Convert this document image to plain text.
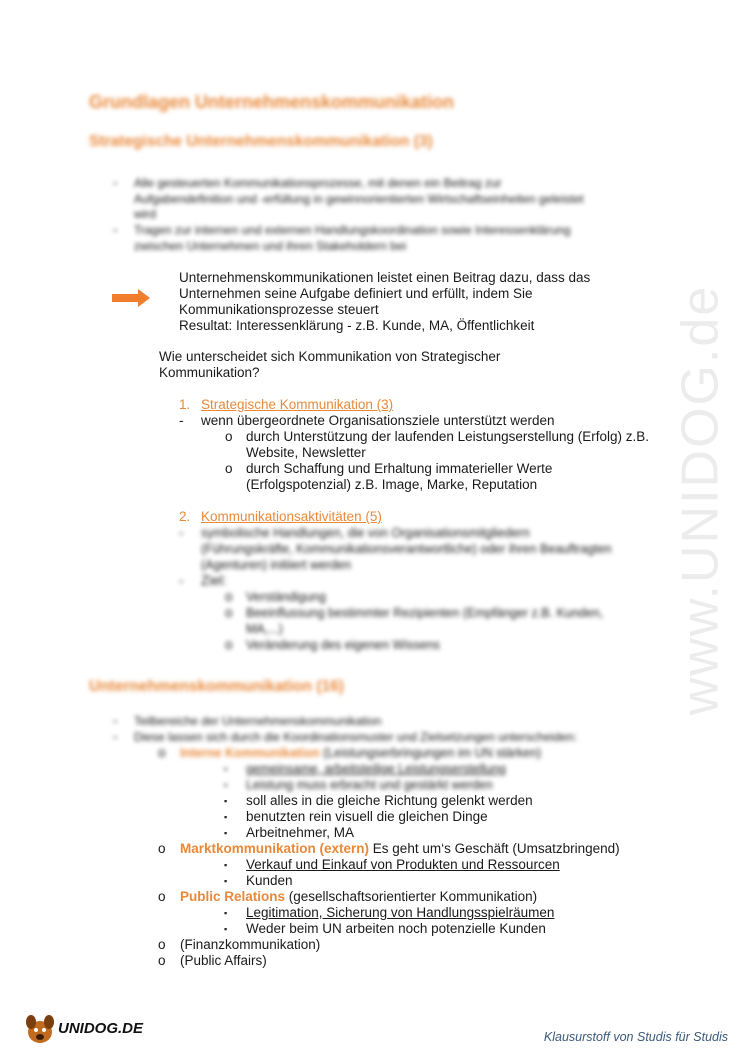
www.UNIDOG.de
Grundlagen Unternehmenskommunikation
Strategische Unternehmenskommunikation (3)
- Alle gesteuerten Kommunikationsprozesse, mit denen ein Beitrag zur
Aufgabendefinition und -erfüllung in gewinnorientierten Wirtschaftseinheiten geleistet
wird
- Tragen zur internen und externen Handlungskoordination sowie Interessenklärung
zwischen Unternehmen und ihren Stakeholdern bei
Unternehmenskommunikationen leistet einen Beitrag dazu, dass das
Unternehmen seine Aufgabe definiert und erfüllt, indem Sie
Kommunikationsprozesse steuert
Resultat: Interessenklärung - z.B. Kunde, MA, Öffentlichkeit
Wie unterscheidet sich Kommunikation von Strategischer
Kommunikation?
1. Strategische Kommunikation (3)
- wenn übergeordnete Organisationsziele unterstützt werden
o durch Unterstützung der laufenden Leistungserstellung (Erfolg) z.B.
Website, Newsletter
o durch Schaffung und Erhaltung immaterieller Werte
(Erfolgspotenzial) z.B. Image, Marke, Reputation
2. Kommunikationsaktivitäten (5)
- symbolische Handlungen, die von Organisationsmitgliedern
(Führungskräfte, Kommunikationsverantwortliche) oder ihren Beauftragten
(Agenturen) initiiert werden
- Ziel:
o Verständigung
o Beeinflussung bestimmter Rezipienten (Empfänger z.B. Kunden,
MA,...)
o Veränderung des eigenen Wissens
Unternehmenskommunikation (16)
- Teilbereiche der Unternehmenskommunikation
- Diese lassen sich durch die Koordinationsmuster und Zielsetzungen unterscheiden:
o Interne Kommunikation (Leistungserbringungen im UN stärken)
▪ gemeinsame, arbeitsteilige Leistungserstellung
▪ Leistung muss erbracht und gestärkt werden
▪ soll alles in die gleiche Richtung gelenkt werden
▪ benutzten rein visuell die gleichen Dinge
▪ Arbeitnehmer, MA
o Marktkommunikation (extern) Es geht um‘s Geschäft (Umsatzbringend)
▪ Verkauf und Einkauf von Produkten und Ressourcen
▪ Kunden
o Public Relations (gesellschaftsorientierter Kommunikation)
▪ Legitimation, Sicherung von Handlungsspielräumen
▪ Weder beim UN arbeiten noch potenzielle Kunden
o (Finanzkommunikation)
o (Public Affairs)
UNIDOG.DE	Klausurstoff von Studis für Studis
